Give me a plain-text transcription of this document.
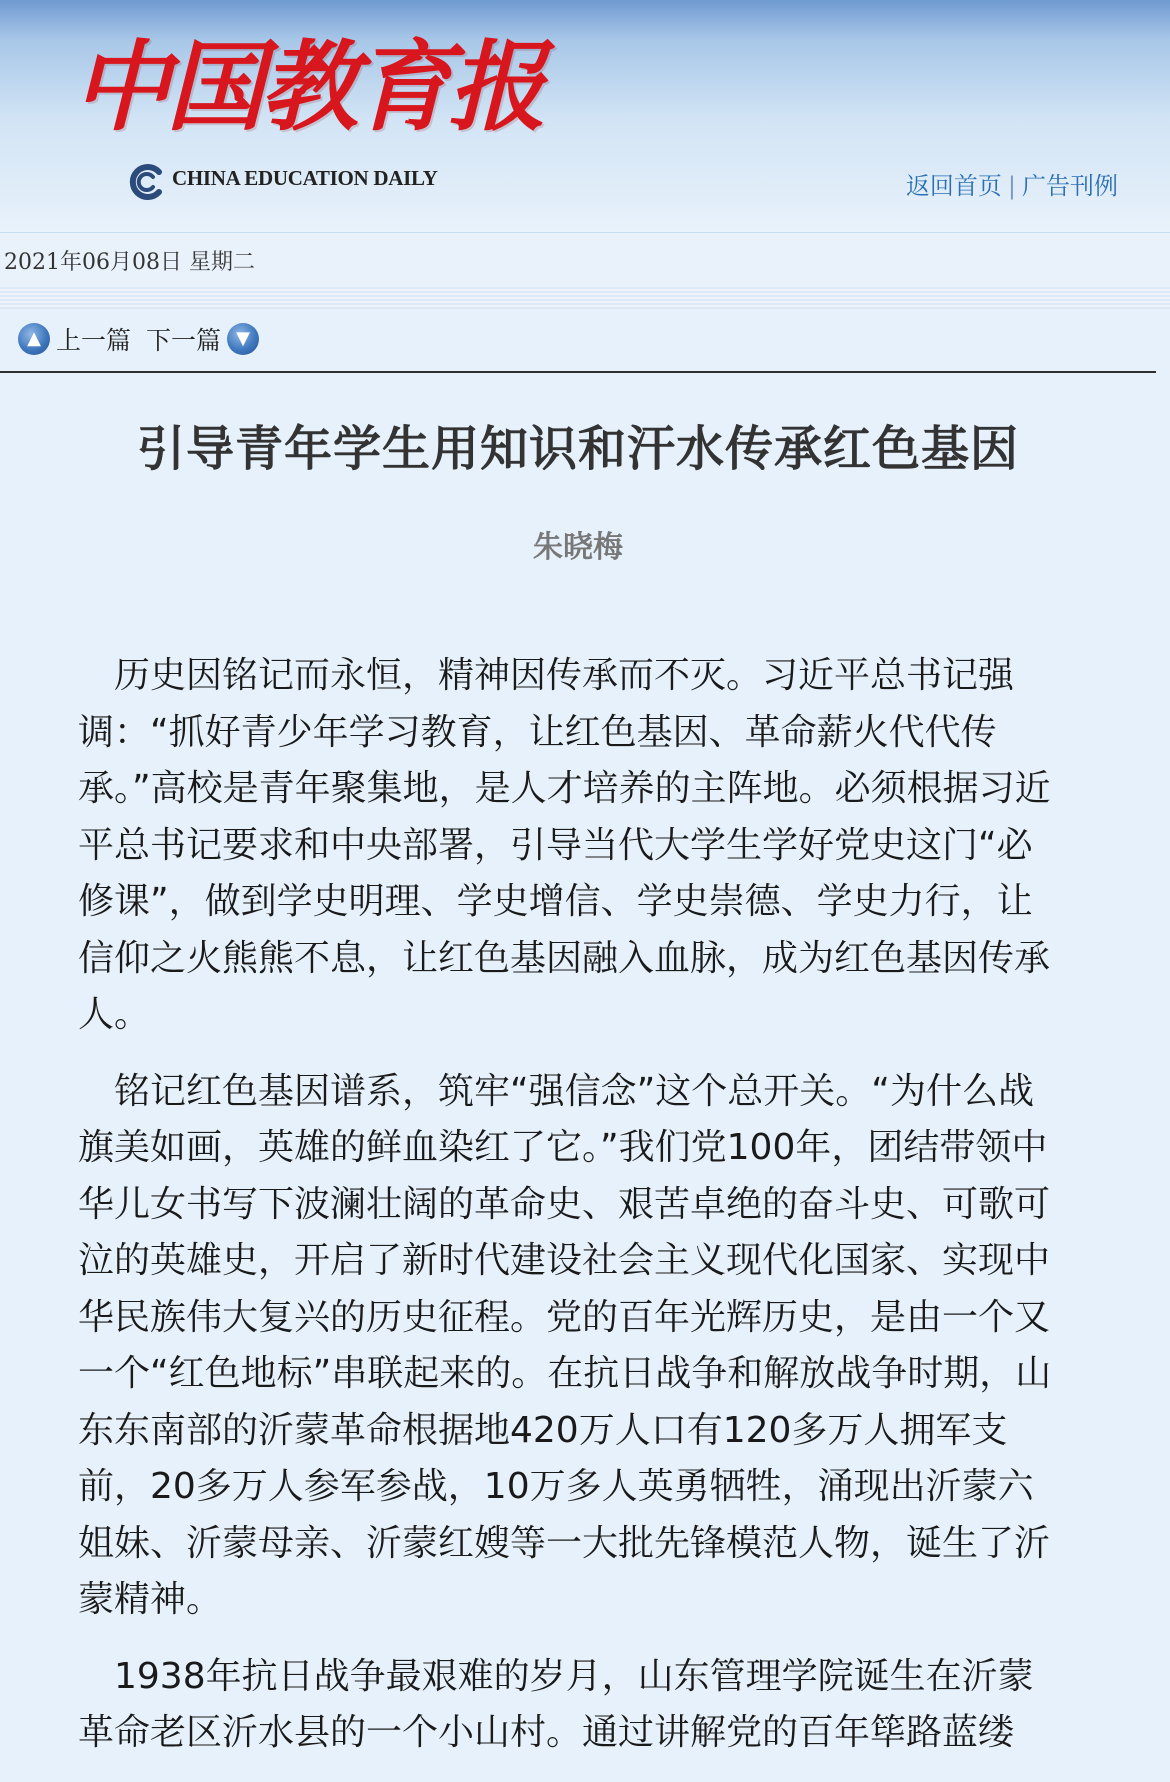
中国教育报
CHINA EDUCATION DAILY	返回首页 | 广告刊例
2021年06月08日 星期二
▲ 上一篇 下一篇 ▼
引导青年学生用知识和汗水传承红色基因
朱晓梅

历史因铭记而永恒，精神因传承而不灭。习近平总书记强调：“抓好青少年学习教育，让红色基因、革命薪火代代传承。”高校是青年聚集地，是人才培养的主阵地。必须根据习近平总书记要求和中央部署，引导当代大学生学好党史这门“必修课”，做到学史明理、学史增信、学史崇德、学史力行，让信仰之火熊熊不息，让红色基因融入血脉，成为红色基因传承人。

铭记红色基因谱系，筑牢“强信念”这个总开关。“为什么战旗美如画，英雄的鲜血染红了它。”我们党100年，团结带领中华儿女书写下波澜壮阔的革命史、艰苦卓绝的奋斗史、可歌可泣的英雄史，开启了新时代建设社会主义现代化国家、实现中华民族伟大复兴的历史征程。党的百年光辉历史，是由一个又一个“红色地标”串联起来的。在抗日战争和解放战争时期，山东东南部的沂蒙革命根据地420万人口有120多万人拥军支前，20多万人参军参战，10万多人英勇牺牲，涌现出沂蒙六姐妹、沂蒙母亲、沂蒙红嫂等一大批先锋模范人物，诞生了沂蒙精神。

1938年抗日战争最艰难的岁月，山东管理学院诞生在沂蒙革命老区沂水县的一个小山村。通过讲解党的百年筚路蓝缕
